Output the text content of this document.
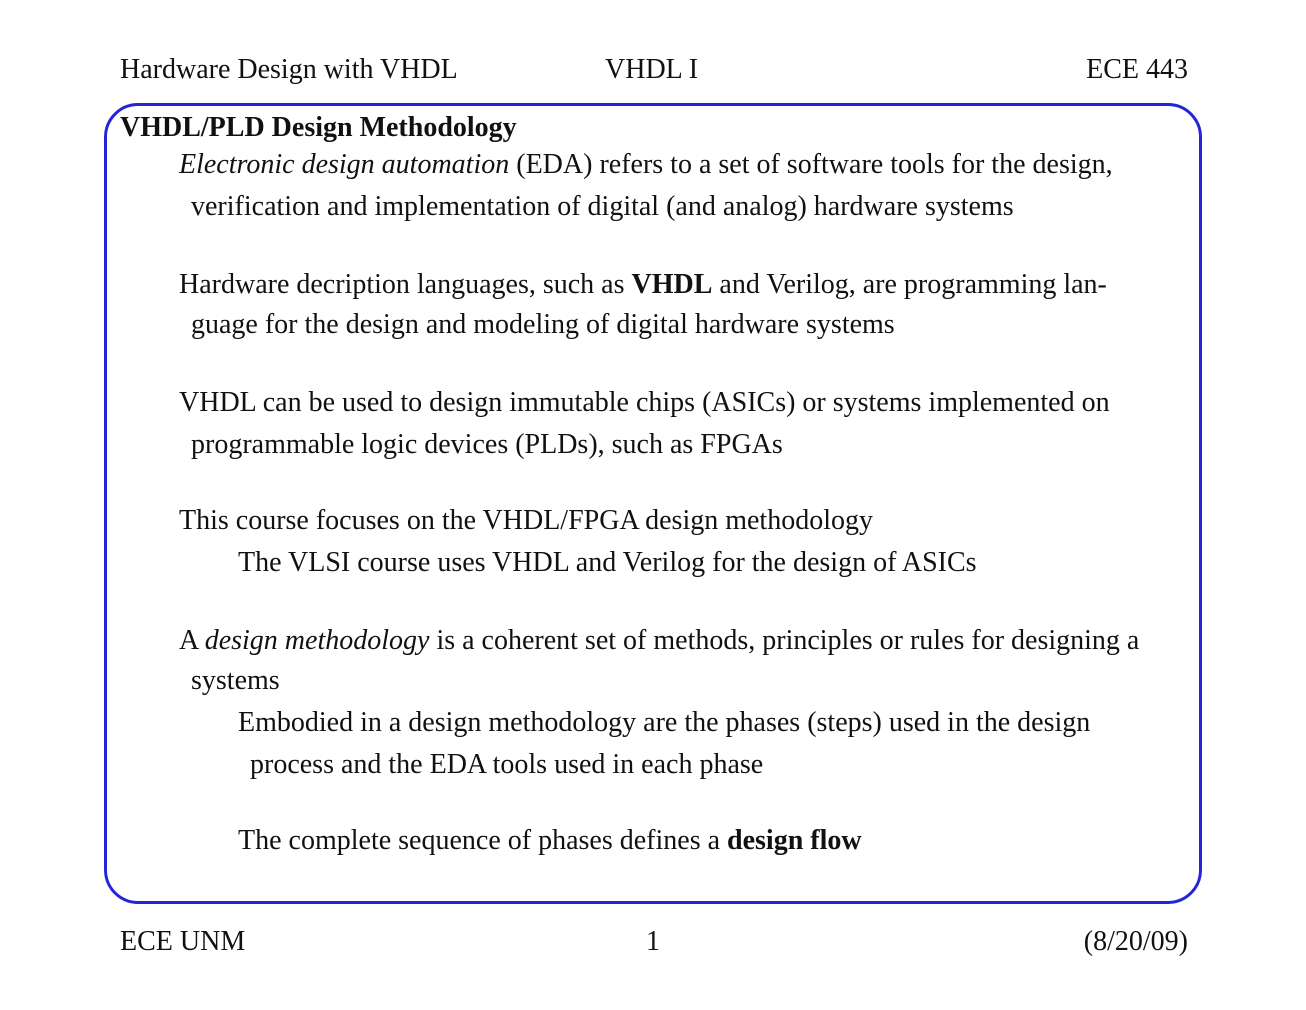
Hardware Design with VHDL	VHDL I	ECE 443
VHDL/PLD Design Methodology
Electronic design automation (EDA) refers to a set of software tools for the design,
verification and implementation of digital (and analog) hardware systems
Hardware decription languages, such as VHDL and Verilog, are programming lan-
guage for the design and modeling of digital hardware systems
VHDL can be used to design immutable chips (ASICs) or systems implemented on
programmable logic devices (PLDs), such as FPGAs
This course focuses on the VHDL/FPGA design methodology
The VLSI course uses VHDL and Verilog for the design of ASICs
A design methodology is a coherent set of methods, principles or rules for designing a
systems
Embodied in a design methodology are the phases (steps) used in the design
process and the EDA tools used in each phase
The complete sequence of phases defines a design flow
ECE UNM	1	(8/20/09)
